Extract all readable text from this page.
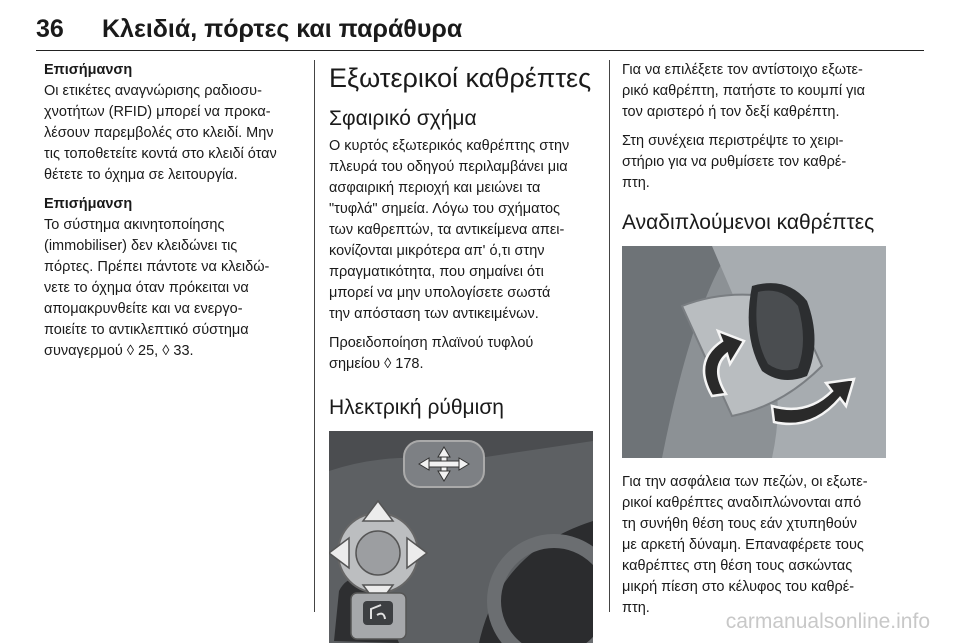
36 Κλειδιά, πόρτες και παράθυρα
Επισήμανση

Οι ετικέτες αναγνώρισης ραδιοσυ-
χνοτήτων (RFID) μπορεί να προκα-
λέσουν παρεμβολές στο κλειδί. Μην
τις τοποθετείτε κοντά στο κλειδί όταν
θέτετε το όχημα σε λειτουργία.

Επισήμανση

Το σύστημα ακινητοποίησης
(immobiliser) δεν κλειδώνει τις
πόρτες. Πρέπει πάντοτε να κλειδώ-
νετε το όχημα όταν πρόκειται να
απομακρυνθείτε και να ενεργο-
ποιείτε το αντικλεπτικό σύστημα
συναγερμού ◊ 25, ◊ 33.

Εξωτερικοί καθρέπτες
Σφαιρικό σχήμα

Ο κυρτός εξωτερικός καθρέπτης στην
πλευρά του οδηγού περιλαμβάνει μια
ασφαιρική περιοχή και μειώνει τα
"τυφλά" σημεία. Λόγω του σχήματος
των καθρεπτών, τα αντικείμενα απει-
κονίζονται μικρότερα απ' ό,τι στην
πραγματικότητα, που σημαίνει ότι
μπορεί να μην υπολογίσετε σωστά
την απόσταση των αντικειμένων.

Προειδοποίηση πλαϊνού τυφλού
σημείου ◊ 178.

Ηλεκτρική ρύθμιση

Για να επιλέξετε τον αντίστοιχο εξωτε-
ρικό καθρέπτη, πατήστε το κουμπί για
τον αριστερό ή τον δεξί καθρέπτη.

Στη συνέχεια περιστρέψτε το χειρι-
στήριο για να ρυθμίσετε τον καθρέ-
πτη.

Αναδιπλούμενοι καθρέπτες

Για την ασφάλεια των πεζών, οι εξωτε-
ρικοί καθρέπτες αναδιπλώνονται από
τη συνήθη θέση τους εάν χτυπηθούν
με αρκετή δύναμη. Επαναφέρετε τους
καθρέπτες στη θέση τους ασκώντας
μικρή πίεση στο κέλυφος του καθρέ-
πτη.

carmanualsonline.info
